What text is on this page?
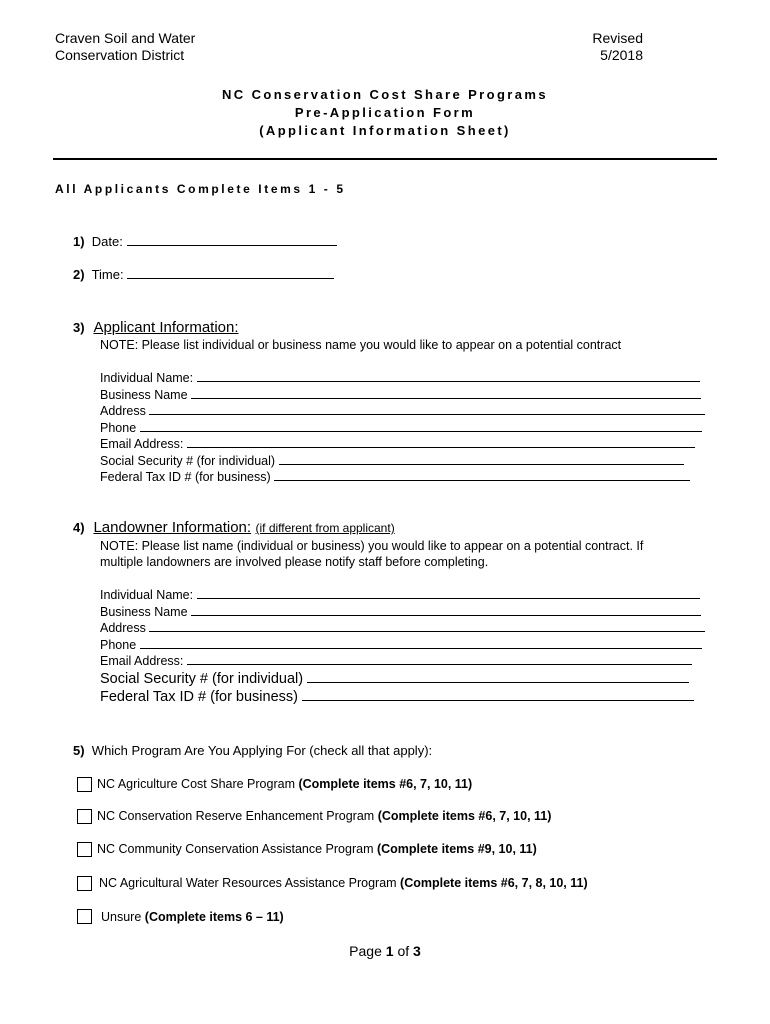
Craven Soil and Water
Conservation District
Revised
5/2018
NC Conservation Cost Share Programs
Pre-Application Form
(Applicant Information Sheet)
All Applicants Complete Items 1 - 5
1) Date:
2) Time:
3) Applicant Information:
NOTE: Please list individual or business name you would like to appear on a potential contract
Individual Name:
Business Name
Address
Phone
Email Address:
Social Security # (for individual)
Federal Tax ID # (for business)
4) Landowner Information: (if different from applicant)
NOTE: Please list name (individual or business) you would like to appear on a potential contract. If
multiple landowners are involved please notify staff before completing.
Individual Name:
Business Name
Address
Phone
Email Address:
Social Security # (for individual)
Federal Tax ID # (for business)
5) Which Program Are You Applying For (check all that apply):
NC Agriculture Cost Share Program (Complete items #6, 7, 10, 11)
NC Conservation Reserve Enhancement Program (Complete items #6, 7, 10, 11)
NC Community Conservation Assistance Program (Complete items #9, 10, 11)
NC Agricultural Water Resources Assistance Program (Complete items #6, 7, 8, 10, 11)
Unsure (Complete items 6 – 11)
Page 1 of 3
